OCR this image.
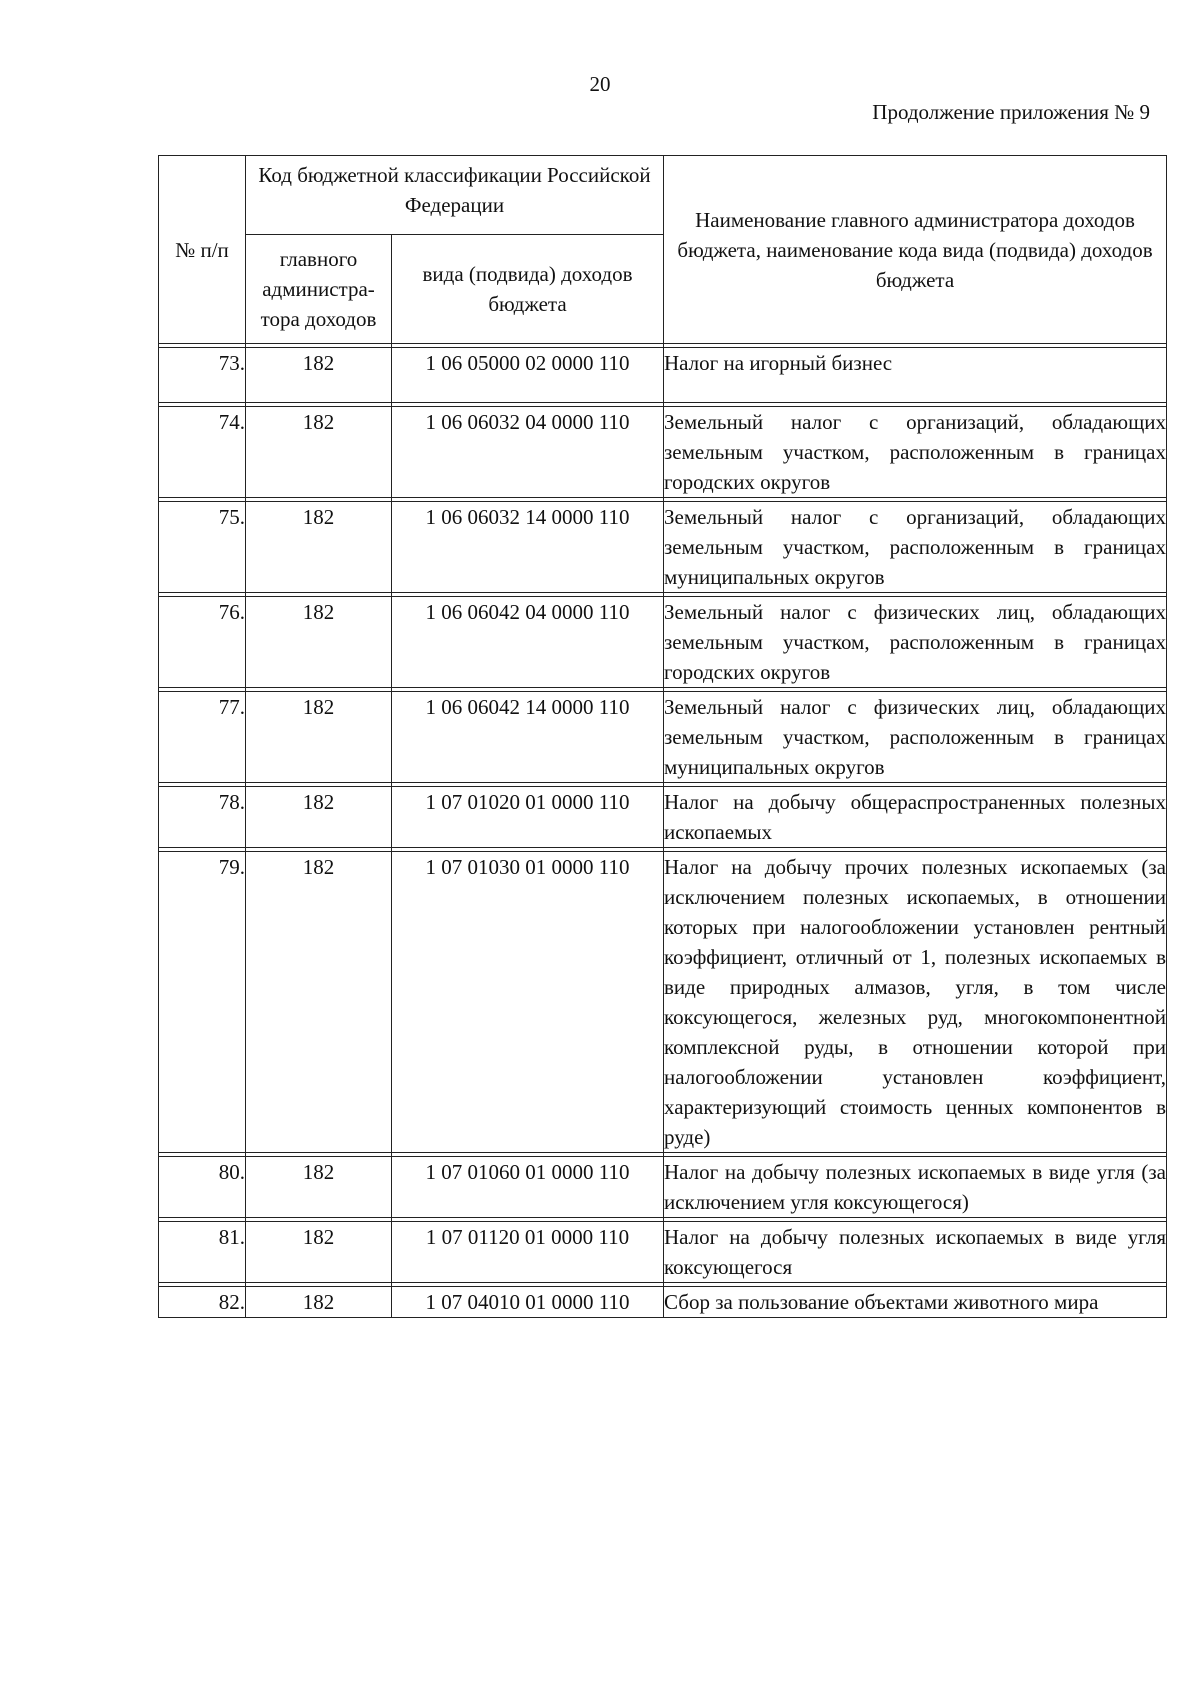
20
Продолжение приложения № 9
№ п/п	Код бюджетной классификации Российской Федерации		Наименование главного администратора доходов бюджета, наименование кода вида (подвида) доходов бюджета
	главного администра-тора доходов	вида (подвида) доходов бюджета	

73.	182	1 06 05000 02 0000 110	Налог на игорный бизнес

74.	182	1 06 06032 04 0000 110	Земельный налог с организаций, обладающих земельным участком, расположенным в границах городских округов

75.	182	1 06 06032 14 0000 110	Земельный налог с организаций, обладающих земельным участком, расположенным в границах муниципальных округов

76.	182	1 06 06042 04 0000 110	Земельный налог с физических лиц, обладающих земельным участком, расположенным в границах городских округов

77.	182	1 06 06042 14 0000 110	Земельный налог с физических лиц, обладающих земельным участком, расположенным в границах муниципальных округов

78.	182	1 07 01020 01 0000 110	Налог на добычу общераспространенных полезных ископаемых

79.	182	1 07 01030 01 0000 110	Налог на добычу прочих полезных ископаемых (за исключением полезных ископаемых, в отношении которых при налогообложении установлен рентный коэффициент, отличный от 1, полезных ископаемых в виде природных алмазов, угля, в том числе коксующегося, железных руд, многокомпонентной комплексной руды, в отношении которой при налогообложении установлен коэффициент, характеризующий стоимость ценных компонентов в руде)

80.	182	1 07 01060 01 0000 110	Налог на добычу полезных ископаемых в виде угля (за исключением угля коксующегося)

81.	182	1 07 01120 01 0000 110	Налог на добычу полезных ископаемых в виде угля коксующегося

82.	182	1 07 04010 01 0000 110	Сбор за пользование объектами животного мира
